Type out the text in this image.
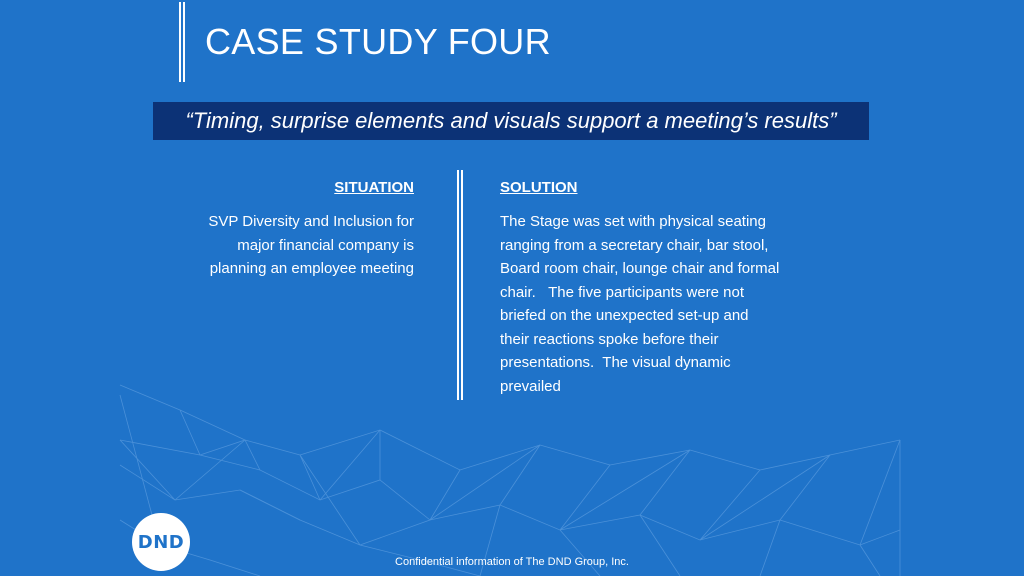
CASE STUDY FOUR
“Timing, surprise elements and visuals support a meeting’s results”

SITUATION

SVP Diversity and Inclusion for
major financial company is
planning an employee meeting

SOLUTION

The Stage was set with physical seating
ranging from a secretary chair, bar stool,
Board room chair, lounge chair and formal
chair.   The five participants were not
briefed on the unexpected set-up and
their reactions spoke before their
presentations.  The visual dynamic
prevailed

DND
Confidential information of The DND Group, Inc.
